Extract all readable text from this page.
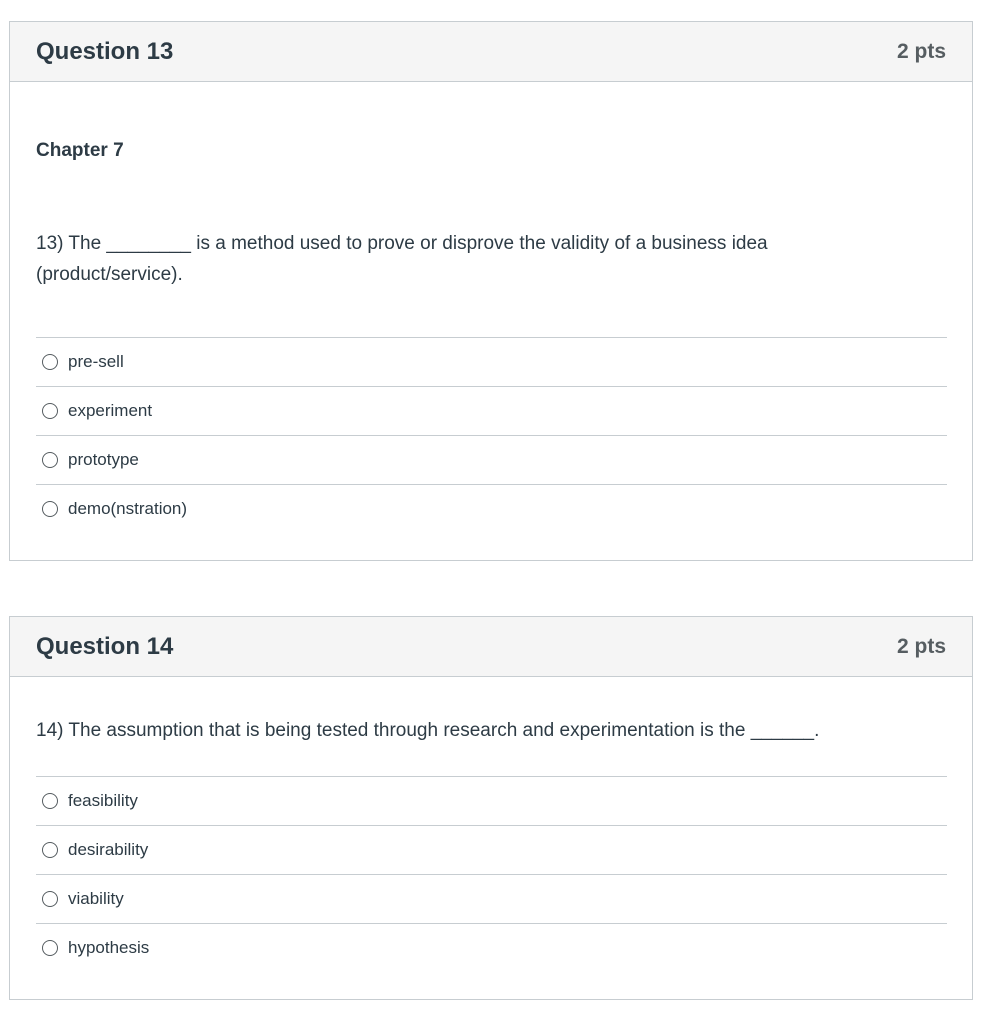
Question 13	2 pts
Chapter 7
13) The ________ is a method used to prove or disprove the validity of a business idea (product/service).
pre-sell
experiment
prototype
demo(nstration)
Question 14	2 pts
14) The assumption that is being tested through research and experimentation is the ______.
feasibility
desirability
viability
hypothesis
